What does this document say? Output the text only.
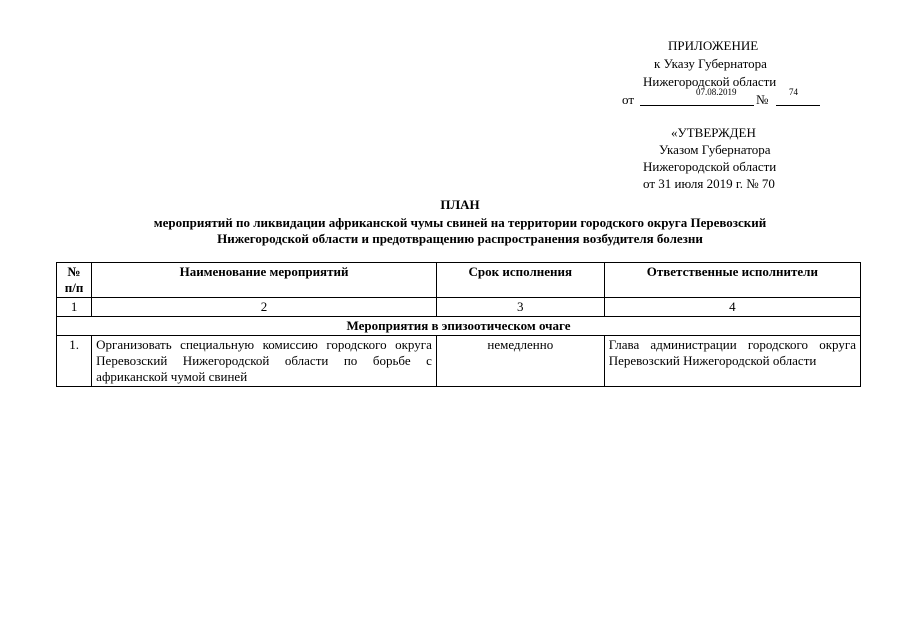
ПРИЛОЖЕНИЕ
к Указу Губернатора
Нижегородской области
от	07.08.2019 № 74
«УТВЕРЖДЕН
Указом Губернатора
Нижегородской области
от 31 июля 2019 г. № 70
ПЛАН
мероприятий по ликвидации африканской чумы свиней на территории городского округа Перевозский
Нижегородской области и предотвращению распространения возбудителя болезни
№ п/п	Наименование мероприятий	Срок исполнения	Ответственные исполнители
1	2	3	4
Мероприятия в эпизоотическом очаге			
1.	Организовать специальную комиссию городского округа Перевозский Нижегородской области по борьбе с африканской чумой свиней	немедленно	Глава администрации городского округа Перевозский Нижегородской области
